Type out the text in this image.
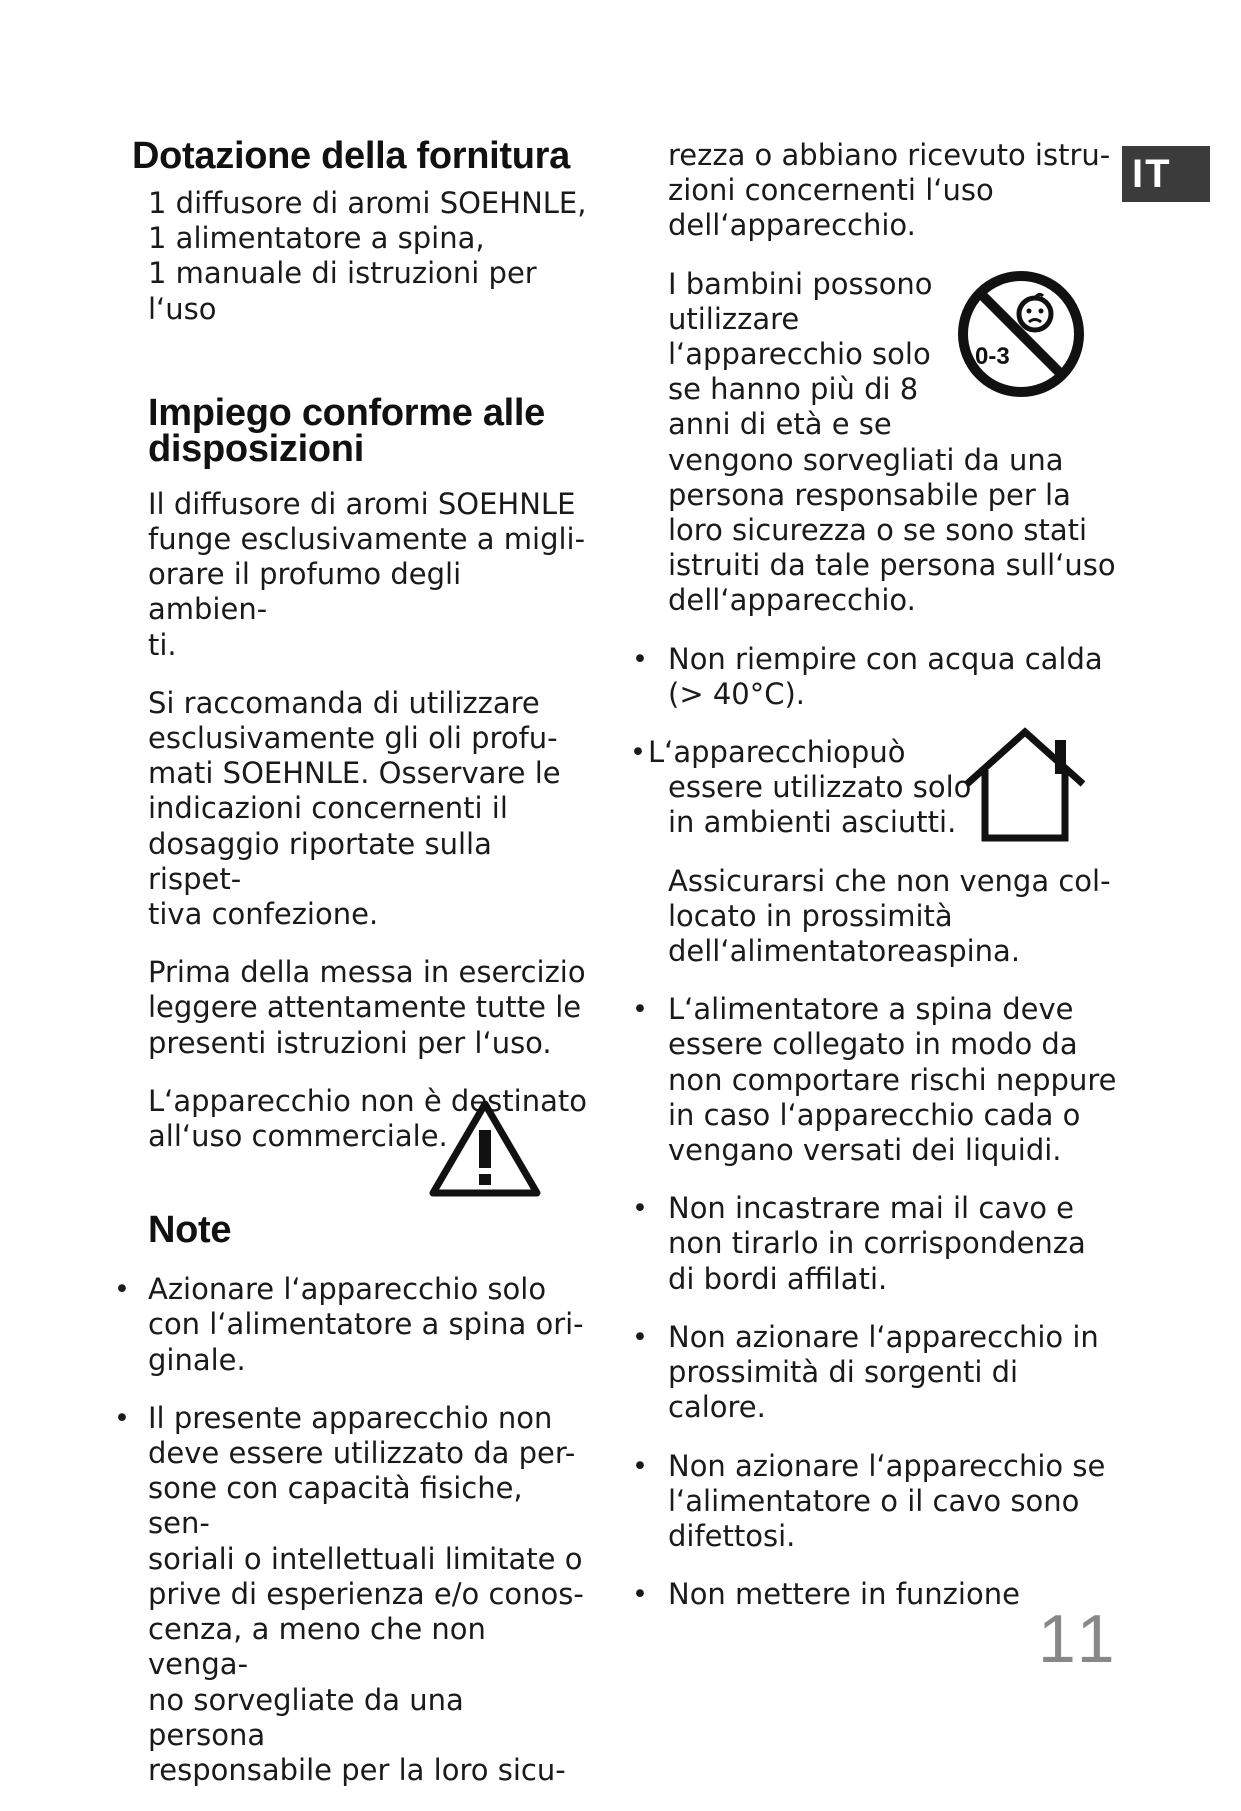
Dotazione della fornitura

1 diffusore di aromi SOEHNLE,
1 alimentatore a spina,
1 manuale di istruzioni per
l‘uso

Impiego conforme alle
disposizioni

Il diffusore di aromi SOEHNLE
funge esclusivamente a migli-
orare il profumo degli ambien-
ti.

Si raccomanda di utilizzare
esclusivamente gli oli profu-
mati SOEHNLE. Osservare le
indicazioni concernenti il
dosaggio riportate sulla rispet-
tiva confezione.

Prima della messa in esercizio
leggere attentamente tutte le
presenti istruzioni per l‘uso.

L‘apparecchio non è destinato
all‘uso commerciale.

Note
• Azionare l‘apparecchio solo
con l‘alimentatore a spina ori-
ginale.

• Il presente apparecchio non
deve essere utilizzato da per-
sone con capacità fisiche, sen-
soriali o intellettuali limitate o
prive di esperienza e/o conos-
cenza, a meno che non venga-
no sorvegliate da una persona
responsabile per la loro sicu-

rezza o abbiano ricevuto istru-
zioni concernenti l‘uso
dell‘apparecchio.

I bambini possono
utilizzare
l‘apparecchio solo
se hanno più di 8
anni di età e se

vengono sorvegliati da una
persona responsabile per la
loro sicurezza o se sono stati
istruiti da tale persona sull‘uso
dell‘apparecchio.

• Non riempire con acqua calda
(> 40°C).

• L‘apparecchiopuò

essere utilizzato solo
in ambienti asciutti.

Assicurarsi che non venga col-
locato in prossimità
dell‘alimentatoreaspina.

• L‘alimentatore a spina deve
essere collegato in modo da
non comportare rischi neppure
in caso l‘apparecchio cada o
vengano versati dei liquidi.

• Non incastrare mai il cavo e
non tirarlo in corrispondenza
di bordi affilati.

• Non azionare l‘apparecchio in
prossimità di sorgenti di
calore.

• Non azionare l‘apparecchio se
l‘alimentatore o il cavo sono
difettosi.

• Non mettere in funzione

IT
0-3
11
